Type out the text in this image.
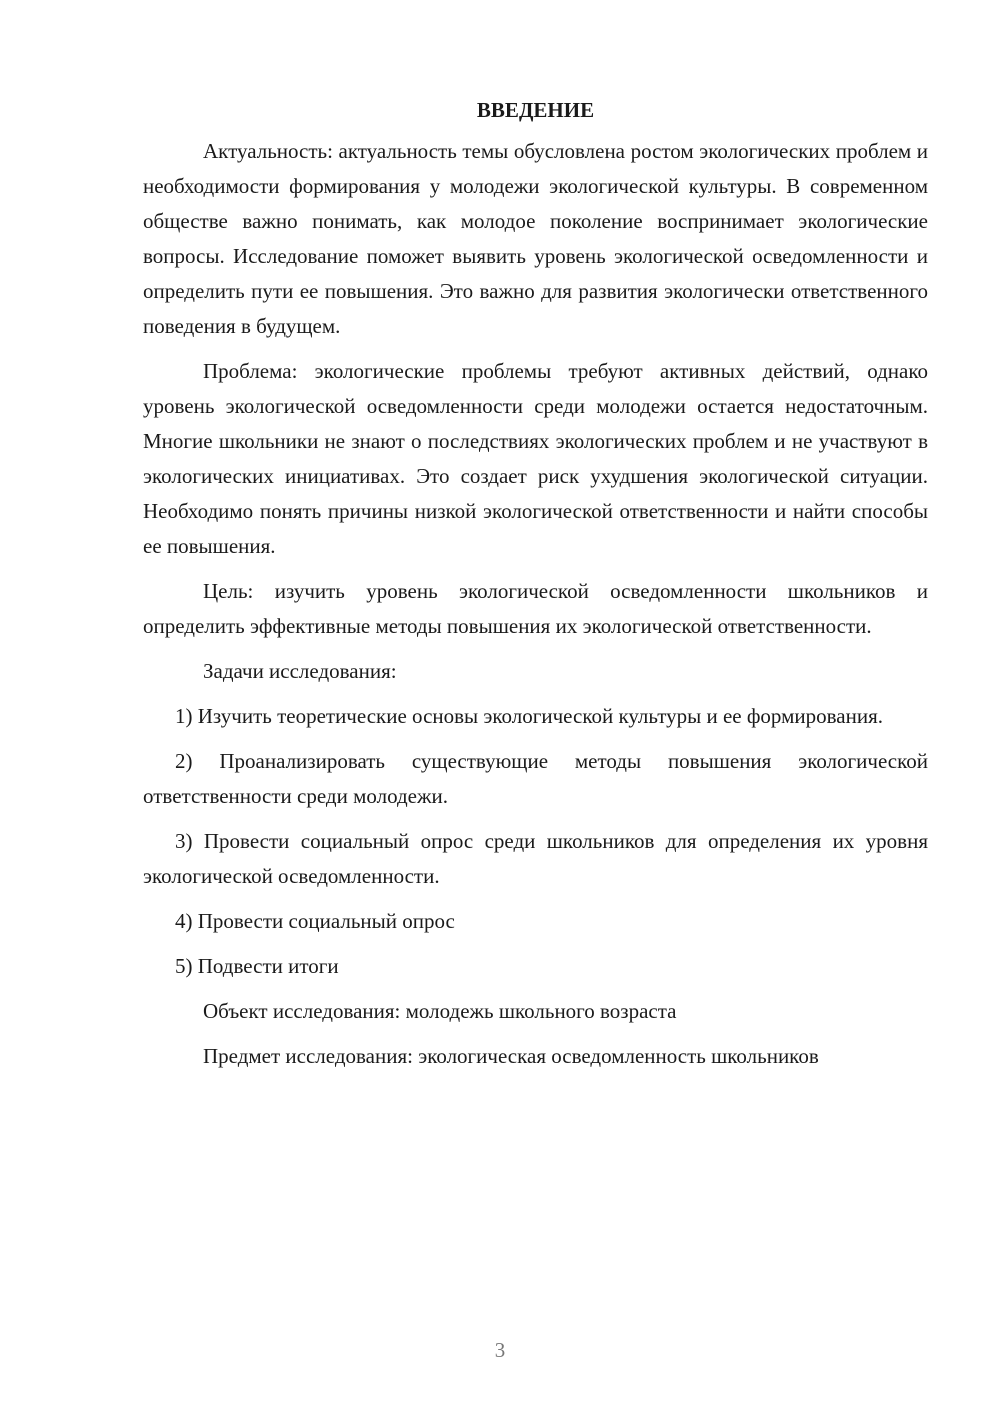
ВВЕДЕНИЕ

Актуальность: актуальность темы обусловлена ростом экологических проблем и необходимости формирования у молодежи экологической культуры. В современном обществе важно понимать, как молодое поколение воспринимает экологические вопросы. Исследование поможет выявить уровень экологической осведомленности и определить пути ее повышения. Это важно для развития экологически ответственного поведения в будущем.

Проблема: экологические проблемы требуют активных действий, однако уровень экологической осведомленности среди молодежи остается недостаточным. Многие школьники не знают о последствиях экологических проблем и не участвуют в экологических инициативах. Это создает риск ухудшения экологической ситуации. Необходимо понять причины низкой экологической ответственности и найти способы ее повышения.

Цель: изучить уровень экологической осведомленности школьников и определить эффективные методы повышения их экологической ответственности.

Задачи исследования:

1) Изучить теоретические основы экологической культуры и ее формирования.

2) Проанализировать существующие методы повышения экологической ответственности среди молодежи.

3) Провести социальный опрос среди школьников для определения их уровня экологической осведомленности.

4) Провести социальный опрос

5) Подвести итоги

Объект исследования: молодежь школьного возраста

Предмет исследования: экологическая осведомленность школьников

3
